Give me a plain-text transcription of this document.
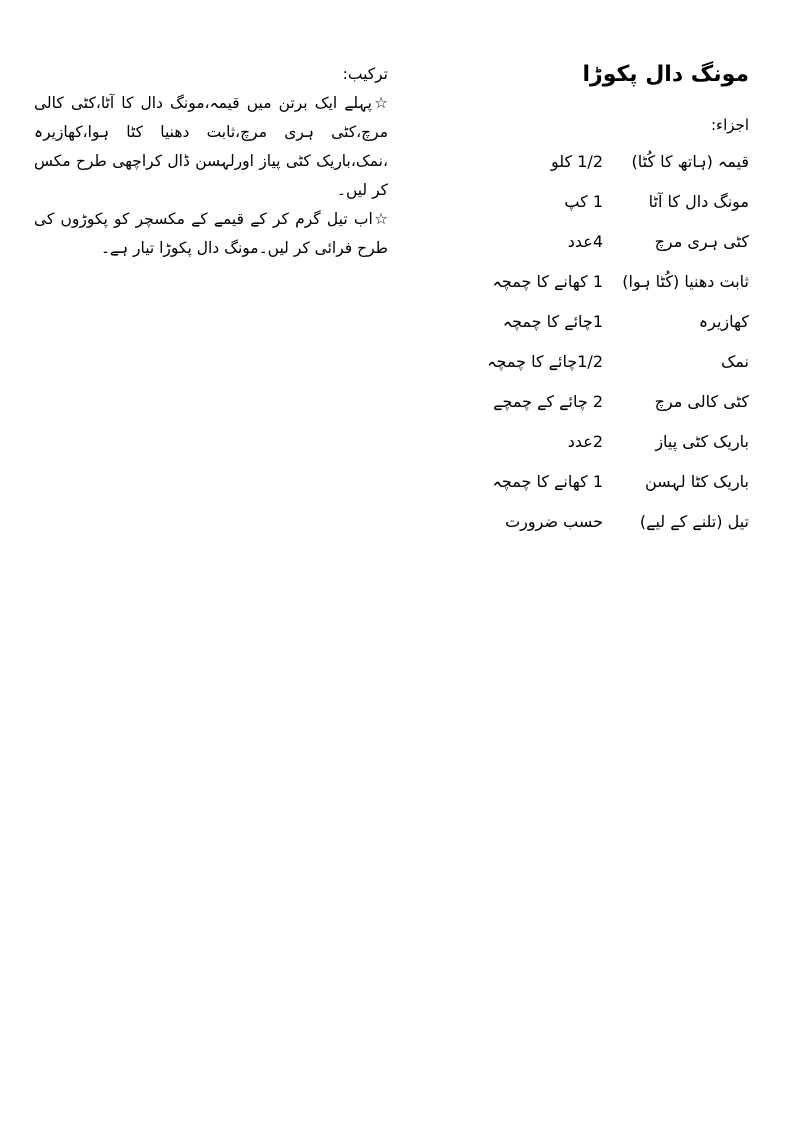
مونگ دال پکوڑا
اجزاء:
قیمہ (ہاتھ کا کُٹا)
1/2 کلو
مونگ دال کا آٹا
1 کپ
کٹی ہری مرچ
4عدد
ثابت دھنیا (کُٹا ہوا)
1 کھانے کا چمچہ
کھازیرہ
1چائے کا چمچہ
نمک
1/2چائے کا چمچہ
کٹی کالی مرچ
2 چائے کے چمچے
باریک کٹی پیاز
2عدد
باریک کٹا لہسن
1 کھانے کا چمچہ
تیل (تلنے کے لیے)
حسب ضرورت
ترکیب:
☆پہلے ایک برتن میں قیمہ،مونگ دال کا آٹا،کٹی کالی مرچ،کٹی ہری مرچ،ثابت دھنیا کٹا ہوا،کھازیرہ ،نمک،باریک کٹی پیاز اورلہسن ڈال کراچھی طرح مکس کر لیں۔
☆اب تیل گرم کر کے قیمے کے مکسچر کو پکوڑوں کی طرح فرائی کر لیں۔مونگ دال پکوڑا تیار ہے۔
